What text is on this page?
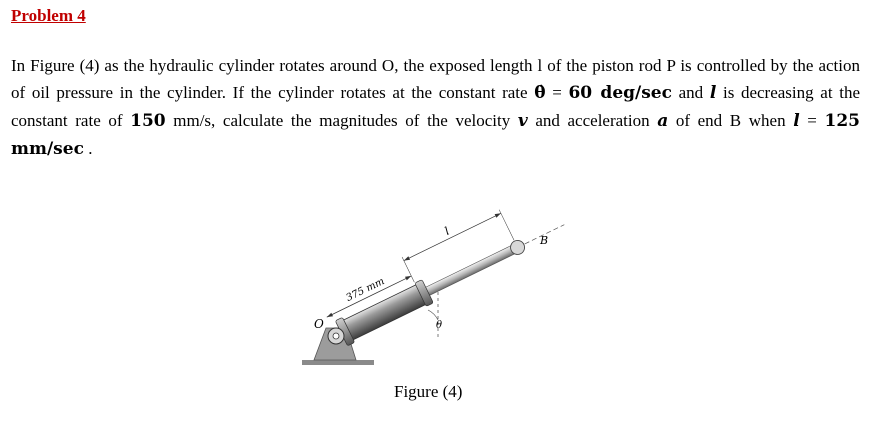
Problem 4

In Figure (4) as the hydraulic cylinder rotates around O, the exposed length l of the piston rod P is controlled by the action of oil pressure in the cylinder. If the cylinder rotates at the constant rate θ̇ = 60 deg/sec and l is decreasing at the constant rate of 150 mm/s, calculate the magnitudes of the velocity v and acceleration a of end B when l = 125 mm/sec .

375 mm
l
θ
O
B

Figure (4)
